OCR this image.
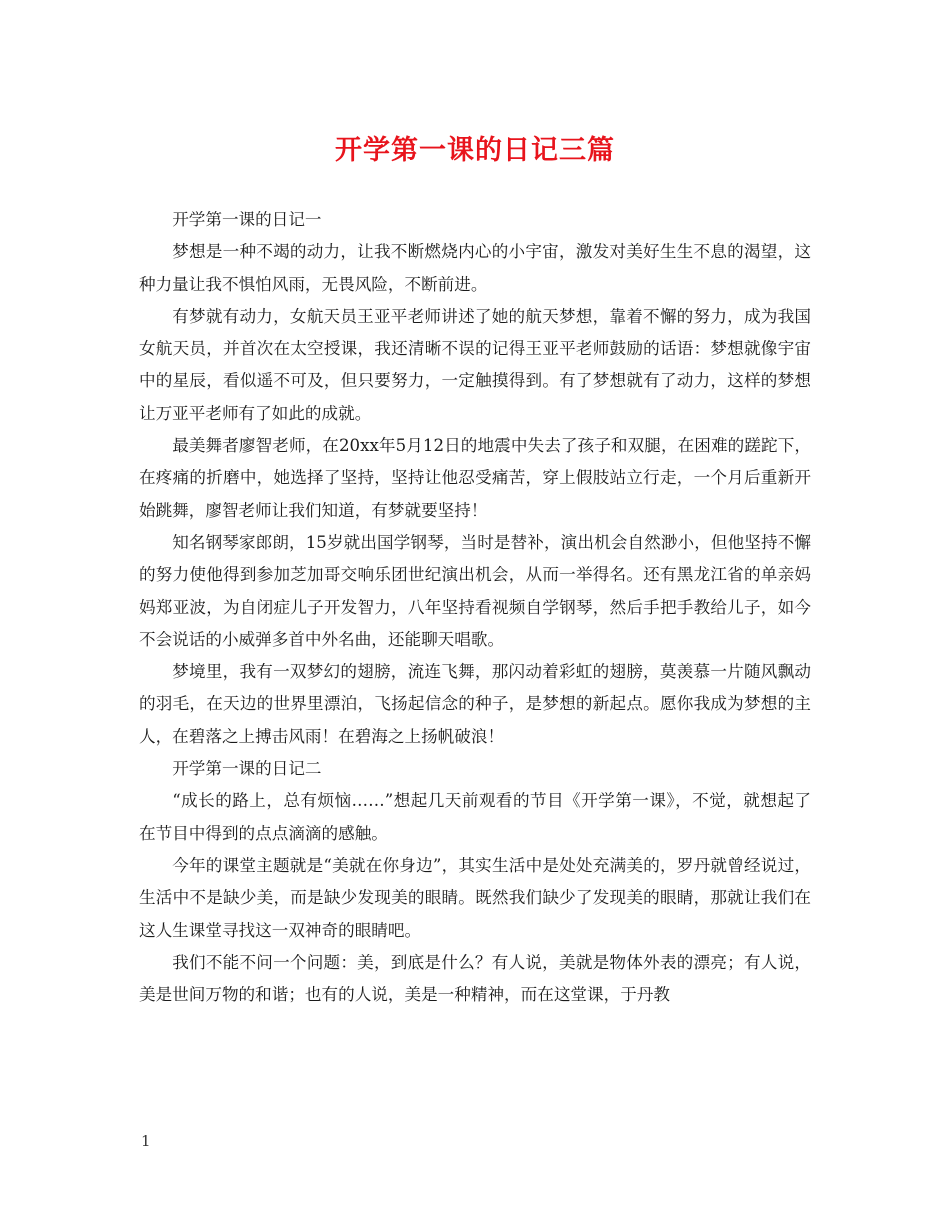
开学第一课的日记三篇

开学第一课的日记一

梦想是一种不竭的动力，让我不断燃烧内心的小宇宙，激发对美好生生不息的渴望，这种力量让我不惧怕风雨，无畏风险，不断前进。

有梦就有动力，女航天员王亚平老师讲述了她的航天梦想，靠着不懈的努力，成为我国女航天员，并首次在太空授课，我还清晰不误的记得王亚平老师鼓励的话语：梦想就像宇宙中的星辰，看似遥不可及，但只要努力，一定触摸得到。有了梦想就有了动力，这样的梦想让万亚平老师有了如此的成就。

最美舞者廖智老师，在20xx年5月12日的地震中失去了孩子和双腿，在困难的蹉跎下，在疼痛的折磨中，她选择了坚持，坚持让他忍受痛苦，穿上假肢站立行走，一个月后重新开始跳舞，廖智老师让我们知道，有梦就要坚持！

知名钢琴家郎朗，15岁就出国学钢琴，当时是替补，演出机会自然渺小，但他坚持不懈的努力使他得到参加芝加哥交响乐团世纪演出机会，从而一举得名。还有黑龙江省的单亲妈妈郑亚波，为自闭症儿子开发智力，八年坚持看视频自学钢琴，然后手把手教给儿子，如今不会说话的小威弹多首中外名曲，还能聊天唱歌。

梦境里，我有一双梦幻的翅膀，流连飞舞，那闪动着彩虹的翅膀，莫羡慕一片随风飘动的羽毛，在天边的世界里漂泊，飞扬起信念的种子，是梦想的新起点。愿你我成为梦想的主人，在碧落之上搏击风雨！在碧海之上扬帆破浪！

开学第一课的日记二

“成长的路上，总有烦恼……”想起几天前观看的节目《开学第一课》，不觉，就想起了在节目中得到的点点滴滴的感触。

今年的课堂主题就是“美就在你身边”，其实生活中是处处充满美的，罗丹就曾经说过，生活中不是缺少美，而是缺少发现美的眼睛。既然我们缺少了发现美的眼睛，那就让我们在这人生课堂寻找这一双神奇的眼睛吧。

我们不能不问一个问题：美，到底是什么？有人说，美就是物体外表的漂亮；有人说，美是世间万物的和谐；也有的人说，美是一种精神，而在这堂课，于丹教

1
